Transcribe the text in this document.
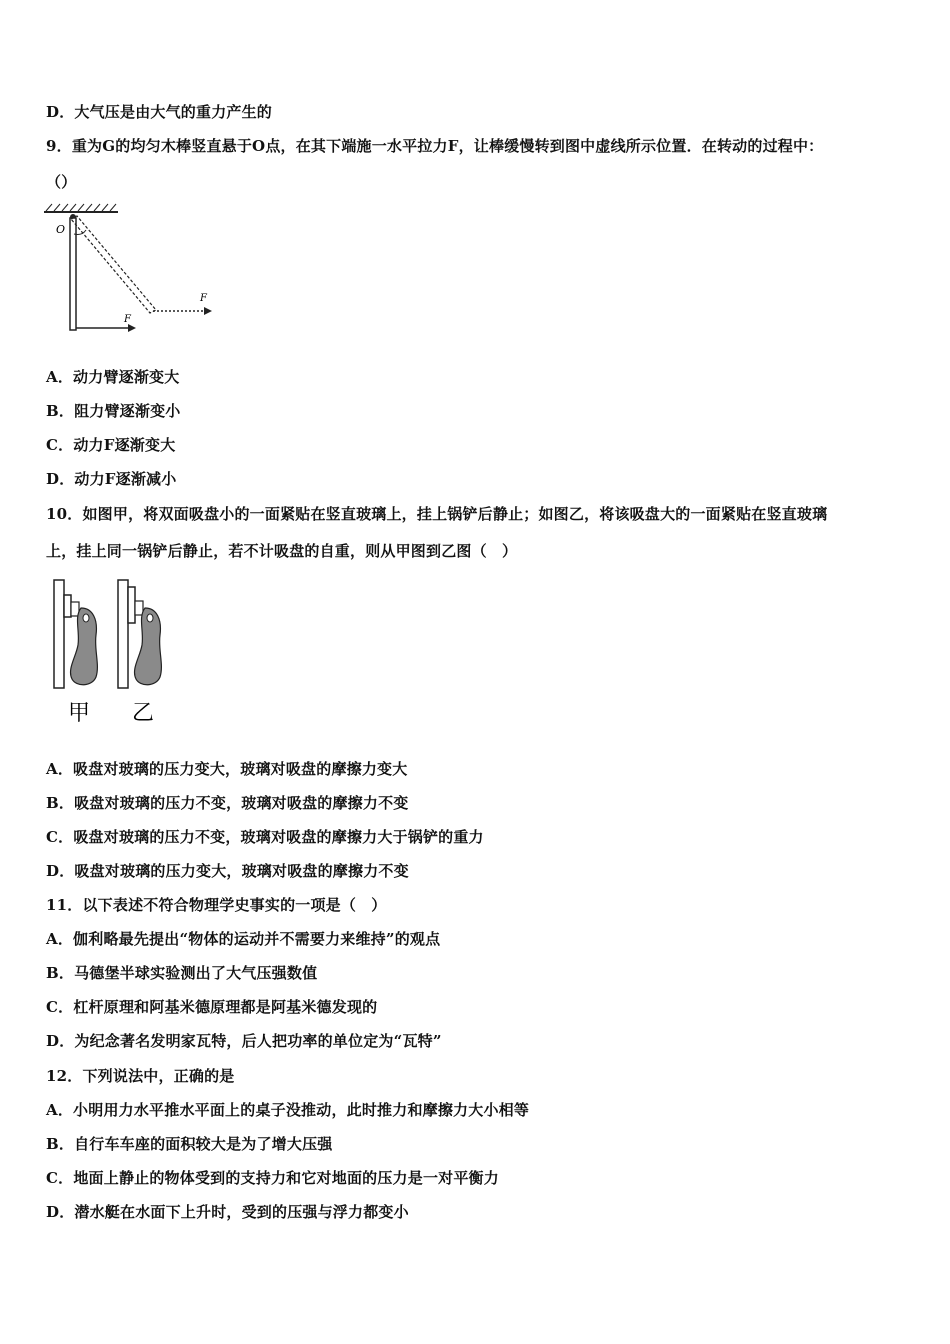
D．大气压是由大气的重力产生的
9．重为G的均匀木棒竖直悬于O点，在其下端施一水平拉力F，让棒缓慢转到图中虚线所示位置．在转动的过程中：
（）
O
F
F
A．动力臂逐渐变大
B．阻力臂逐渐变小
C．动力F逐渐变大
D．动力F逐渐减小
10．如图甲，将双面吸盘小的一面紧贴在竖直玻璃上，挂上锅铲后静止；如图乙，将该吸盘大的一面紧贴在竖直玻璃
上，挂上同一锅铲后静止，若不计吸盘的自重，则从甲图到乙图（　）
甲 乙
A．吸盘对玻璃的压力变大，玻璃对吸盘的摩擦力变大
B．吸盘对玻璃的压力不变，玻璃对吸盘的摩擦力不变
C．吸盘对玻璃的压力不变，玻璃对吸盘的摩擦力大于锅铲的重力
D．吸盘对玻璃的压力变大，玻璃对吸盘的摩擦力不变
11．以下表述不符合物理学史事实的一项是（　）
A．伽利略最先提出“物体的运动并不需要力来维持”的观点
B．马德堡半球实验测出了大气压强数值
C．杠杆原理和阿基米德原理都是阿基米德发现的
D．为纪念著名发明家瓦特，后人把功率的单位定为“瓦特”
12．下列说法中，正确的是
A．小明用力水平推水平面上的桌子没推动，此时推力和摩擦力大小相等
B．自行车车座的面积较大是为了增大压强
C．地面上静止的物体受到的支持力和它对地面的压力是一对平衡力
D．潜水艇在水面下上升时，受到的压强与浮力都变小
